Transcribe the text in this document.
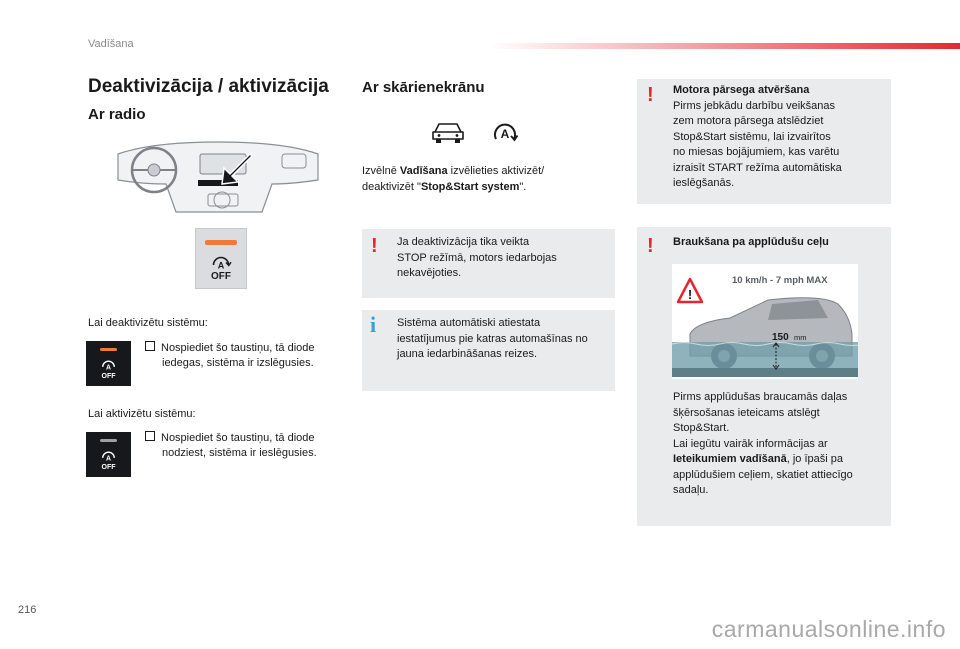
Vadīšana
Deaktivizācija / aktivizācija
Ar radio
A
OFF
Lai deaktivizētu sistēmu:
A
OFF
Nospiediet šo taustiņu, tā diode
iedegas, sistēma ir izslēgusies.
Lai aktivizētu sistēmu:
A
OFF
Nospiediet šo taustiņu, tā diode
nodziest, sistēma ir ieslēgusies.
Ar skārienekrānu
A
Izvēlnē Vadīšana izvēlieties aktivizēt/
deaktivizēt "Stop&Start system".
! Ja deaktivizācija tika veikta
STOP režīmā, motors iedarbojas
nekavējoties.
i Sistēma automātiski atiestata
iestatījumus pie katras automašīnas no
jauna iedarbināšanas reizes.
! Motora pārsega atvēršana
Pirms jebkādu darbību veikšanas
zem motora pārsega atslēdziet
Stop&Start sistēmu, lai izvairītos
no miesas bojājumiem, kas varētu
izraisīt START režīma automātiska
ieslēgšanās.
! Braukšana pa applūdušu ceļu
!
10 km/h - 7 mph MAX
150 mm
Pirms applūdušas braucamās daļas
šķērsošanas ieteicams atslēgt
Stop&Start.
Lai iegūtu vairāk informācijas ar
Ieteikumiem vadīšanā, jo īpaši pa
applūdušiem ceļiem, skatiet attiecīgo
sadaļu.
216
carmanualsonline.info
